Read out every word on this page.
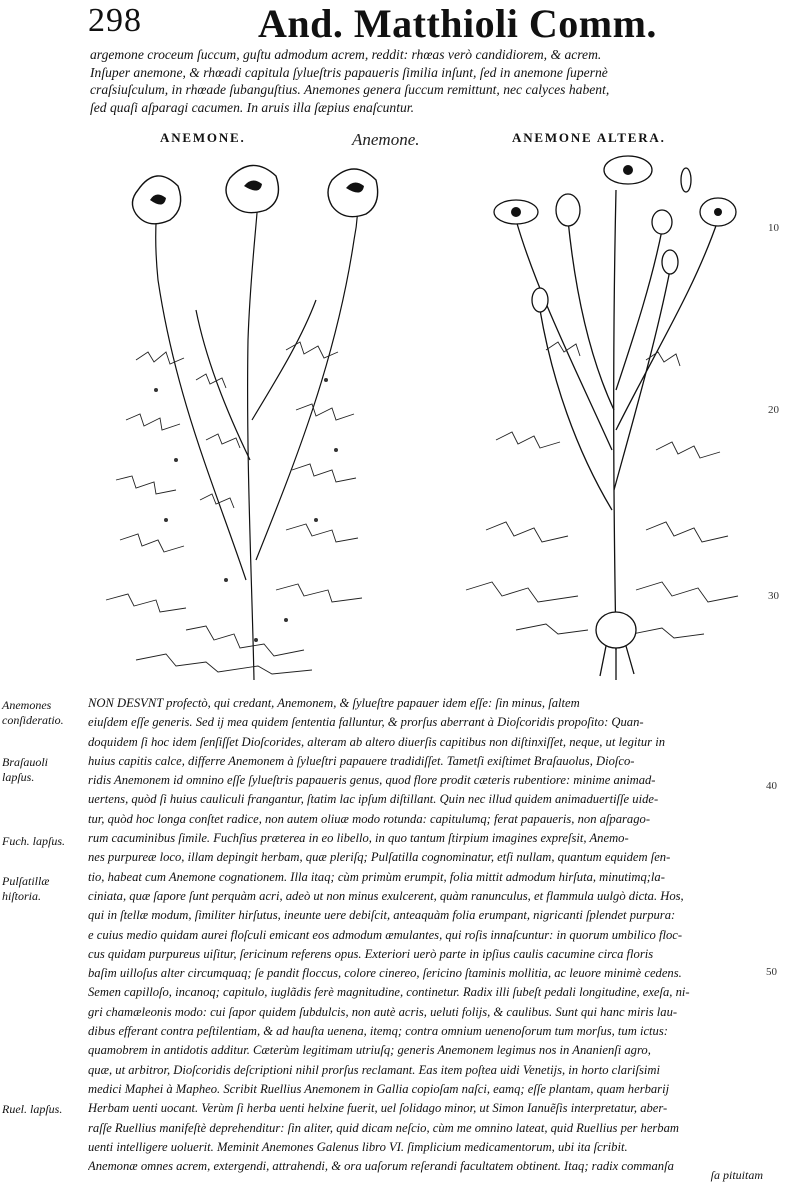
298	And. Matthioli Comm.
argemone croceum ſuccum, guſtu admodum acrem, reddit: rhœas verò candidiorem, & acrem.
Inſuper anemone, & rhœadi capitula ſylueſtris papaueris ſimilia inſunt, ſed in anemone ſupernè
craſsiuſculum, in rhœade ſubanguſtius. Anemones genera ſuccum remittunt, nec calyces habent,
ſed quaſi aſparagi cacumen. In aruis illa ſæpius enaſcuntur.
ANEMONE.	Anemone.	ANEMONE ALTERA.
10
20
30
40
50
Anemones conſideratio.
Braſauoli lapſus.
Fuch. lapſus.
Pulſatillæ hiſtoria.
Ruel. lapſus.
NON DESVNT profectò, qui credant, Anemonem, & ſylueſtre papauer idem eſſe: ſin minus, ſaltem
eiuſdem eſſe generis. Sed ij mea quidem ſententia falluntur, & prorſus aberrant à Dioſcoridis propoſito: Quan-
doquidem ſi hoc idem ſenſiſſet Dioſcorides, alteram ab altero diuerſis capitibus non diſtinxiſſet, neque, ut legitur in
huius capitis calce, differre Anemonem à ſylueſtri papauere tradidiſſet. Tametſi exiſtimet Braſauolus, Dioſco-
ridis Anemonem id omnino eſſe ſylueſtris papaueris genus, quod flore prodit cæteris rubentiore: minime animad-
uertens, quòd ſi huius cauliculi frangantur, ſtatim lac ipſum diſtillant. Quin nec illud quidem animaduertiſſe uide-
tur, quòd hoc longa conſtet radice, non autem oliuæ modo rotunda: capitulumq; ferat papaueris, non aſparago-
rum cacuminibus ſimile. Fuchſius præterea in eo libello, in quo tantum ſtirpium imagines expreſsit, Anemo-
nes purpureæ loco, illam depingit herbam, quæ pleriſq; Pulſatilla cognominatur, etſi nullam, quantum equidem ſen-
tio, habeat cum Anemone cognationem. Illa itaq; cùm primùm erumpit, folia mittit admodum hirſuta, minutimq;la-
ciniata, quæ ſapore ſunt perquàm acri, adeò ut non minus exulcerent, quàm ranunculus, et flammula uulgò dicta. Hos,
qui in ſtellæ modum, ſimiliter hirſutus, ineunte uere debiſcit, anteaquàm folia erumpant, nigricanti ſplendet purpura:
e cuius medio quidam aurei floſculi emicant eos admodum æmulantes, qui roſis innaſcuntur: in quorum umbilico floc-
cus quidam purpureus uiſitur, ſericinum referens opus. Exteriori uerò parte in ipſius caulis cacumine circa floris
baſim uilloſus alter circumquaq; ſe pandit floccus, colore cinereo, ſericino ſtaminis mollitia, ac leuore minimè cedens.
Semen capilloſo, incanoq; capitulo, iuglãdis ferè magnitudine, continetur. Radix illi ſubeſt pedali longitudine, exeſa, ni-
gri chamæleonis modo: cui ſapor quidem ſubdulcis, non autè acris, ueluti folijs, & caulibus. Sunt qui hanc miris lau-
dibus efferant contra peſtilentiam, & ad hauſta uenena, itemq; contra omnium uenenoſorum tum morſus, tum ictus:
quamobrem in antidotis additur. Cæterùm legitimam utriuſq; generis Anemonem legimus nos in Ananienſi agro,
quæ, ut arbitror, Dioſcoridis deſcriptioni nihil prorſus reclamant. Eas item poſtea uidi Venetijs, in horto clariſsimi
medici Maphei à Mapheo. Scribit Ruellius Anemonem in Gallia copioſam naſci, eamq; eſſe plantam, quam herbarij
Herbam uenti uocant. Verùm ſi herba uenti helxine fuerit, uel ſolidago minor, ut Simon Ianuẽſis interpretatur, aber-
raſſe Ruellius manifeſtè deprehenditur: ſin aliter, quid dicam neſcio, cùm me omnino lateat, quid Ruellius per herbam
uenti intelligere uoluerit. Meminit Anemones Galenus libro VI. ſimplicium medicamentorum, ubi ita ſcribit.
Anemonæ omnes acrem, extergendi, attrahendi, & ora uaſorum reſerandi facultatem obtinent. Itaq; radix commanſa
ſa pituitam
